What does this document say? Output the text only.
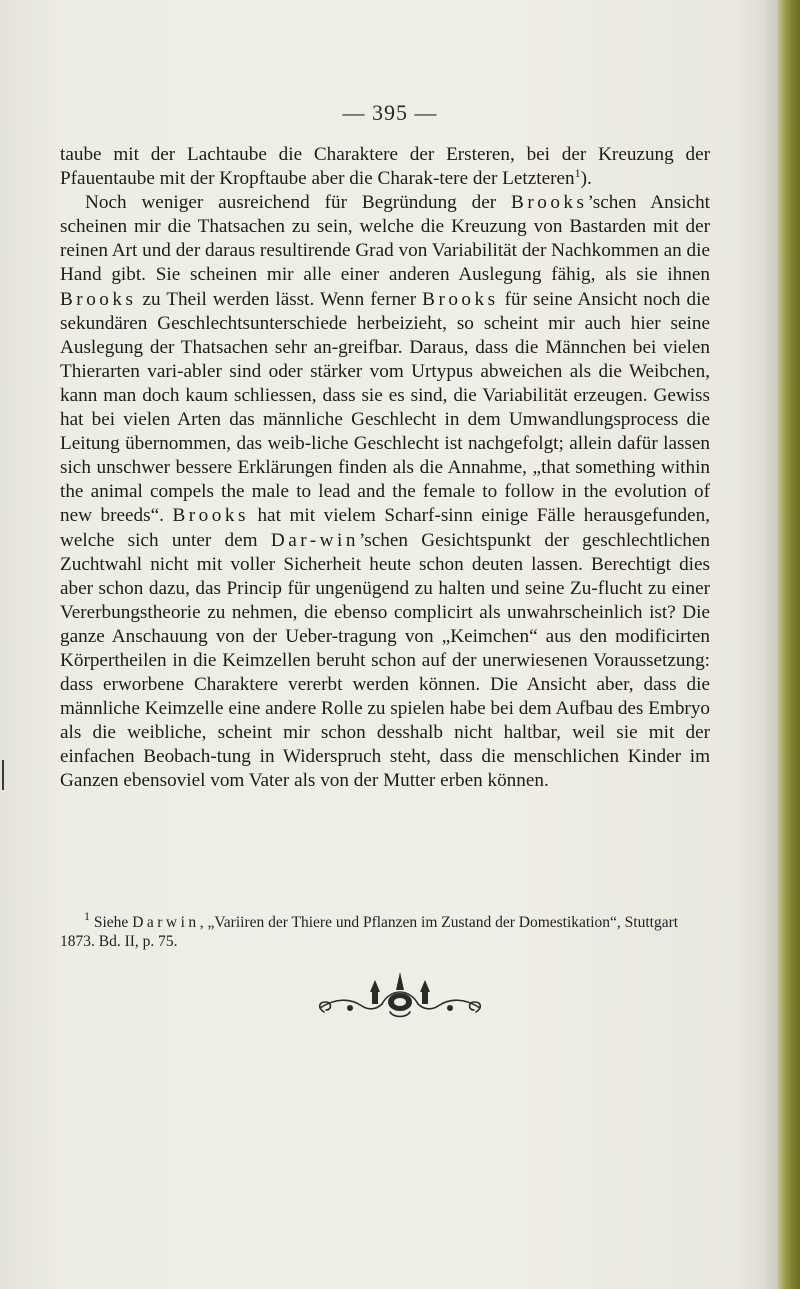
— 395 —

taube mit der Lachtaube die Charaktere der Ersteren, bei der Kreuzung der Pfauentaube mit der Kropftaube aber die Charak-tere der Letzteren$^1$).

Noch weniger ausreichend für Begründung der Brooks’schen Ansicht scheinen mir die Thatsachen zu sein, welche die Kreuzung von Bastarden mit der reinen Art und der daraus resultirende Grad von Variabilität der Nachkommen an die Hand gibt. Sie scheinen mir alle einer anderen Auslegung fähig, als sie ihnen Brooks zu Theil werden lässt. Wenn ferner Brooks für seine Ansicht noch die sekundären Geschlechtsunterschiede herbeizieht, so scheint mir auch hier seine Auslegung der Thatsachen sehr an-greifbar. Daraus, dass die Männchen bei vielen Thierarten vari-abler sind oder stärker vom Urtypus abweichen als die Weibchen, kann man doch kaum schliessen, dass sie es sind, die Variabilität erzeugen. Gewiss hat bei vielen Arten das männliche Geschlecht in dem Umwandlungsprocess die Leitung übernommen, das weib-liche Geschlecht ist nachgefolgt; allein dafür lassen sich unschwer bessere Erklärungen finden als die Annahme, „that something within the animal compels the male to lead and the female to follow in the evolution of new breeds“. Brooks hat mit vielem Scharf-sinn einige Fälle herausgefunden, welche sich unter dem Dar-win’schen Gesichtspunkt der geschlechtlichen Zuchtwahl nicht mit voller Sicherheit heute schon deuten lassen. Berechtigt dies aber schon dazu, das Princip für ungenügend zu halten und seine Zu-flucht zu einer Vererbungstheorie zu nehmen, die ebenso complicirt als unwahrscheinlich ist? Die ganze Anschauung von der Ueber-tragung von „Keimchen“ aus den modificirten Körpertheilen in die Keimzellen beruht schon auf der unerwiesenen Voraussetzung: dass erworbene Charaktere vererbt werden können. Die Ansicht aber, dass die männliche Keimzelle eine andere Rolle zu spielen habe bei dem Aufbau des Embryo als die weibliche, scheint mir schon desshalb nicht haltbar, weil sie mit der einfachen Beobach-tung in Widerspruch steht, dass die menschlichen Kinder im Ganzen ebensoviel vom Vater als von der Mutter erben können.

$^1$ Siehe Darwin, „Variiren der Thiere und Pflanzen im Zustand der Domestikation“, Stuttgart 1873. Bd. II, p. 75.
